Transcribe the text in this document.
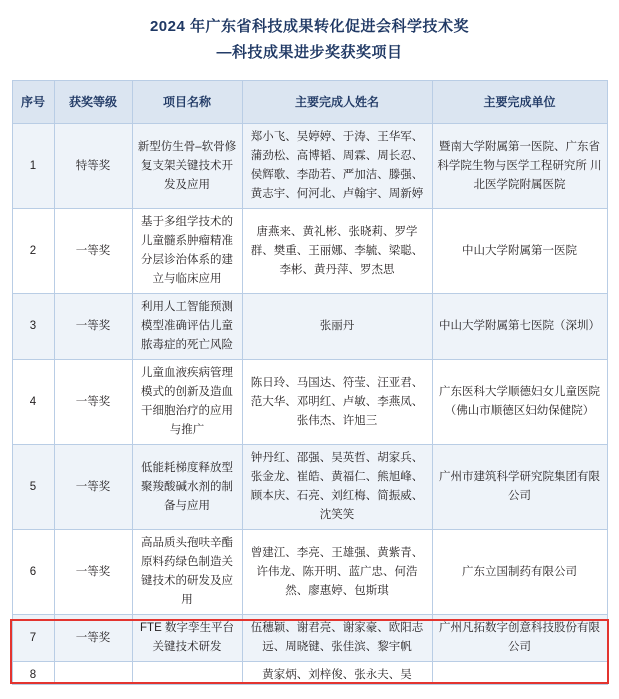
2024 年广东省科技成果转化促进会科学技术奖
—科技成果进步奖获奖项目
序号	获奖等级	项目名称	主要完成人姓名	主要完成单位
1	特等奖	新型仿生骨–软骨修复支架关键技术开发及应用	郑小飞、吴婷婷、于涛、王华军、蒲劲松、高博韬、周霖、周长忍、侯辉歌、李劭若、严加洁、滕强、黄志宇、何河北、卢翰宇、周新婷	暨南大学附属第一医院、广东省科学院生物与医学工程研究所 川北医学院附属医院
2	一等奖	基于多组学技术的儿童髓系肿瘤精准分层诊治体系的建立与临床应用	唐燕来、黄礼彬、张晓莉、罗学群、樊重、王丽娜、李毓、梁聪、李彬、黄丹萍、罗杰思	中山大学附属第一医院
3	一等奖	利用人工智能预测模型准确评估儿童脓毒症的死亡风险	张丽丹	中山大学附属第七医院（深圳）
4	一等奖	儿童血液疾病管理模式的创新及造血干细胞治疗的应用与推广	陈日玲、马国达、符莹、汪亚君、范大华、邓明红、卢敏、李燕凤、张伟杰、许旭三	广东医科大学顺德妇女儿童医院（佛山市顺德区妇幼保健院）
5	一等奖	低能耗梯度释放型聚羧酸碱水剂的制备与应用	钟丹红、邵强、吴英哲、胡家兵、张金龙、崔皓、黄福仁、熊旭峰、顾本庆、石亮、刘红梅、简振威、沈笑笑	广州市建筑科学研究院集团有限公司
6	一等奖	高品质头孢呋辛酯原料药绿色制造关键技术的研发及应用	曾建江、李亮、王雄强、黄紫青、许伟龙、陈开明、蓝广忠、何浩然、廖惠婷、包斯琪	广东立国制药有限公司
7	一等奖	FTE 数字孪生平台关键技术研发	伍穗颖、谢君亮、谢家豪、欧阳志远、周晓键、张佳滨、黎宇帆	广州凡拓数字创意科技股份有限公司

8			黄家炳、刘梓俊、张永夫、吴	
